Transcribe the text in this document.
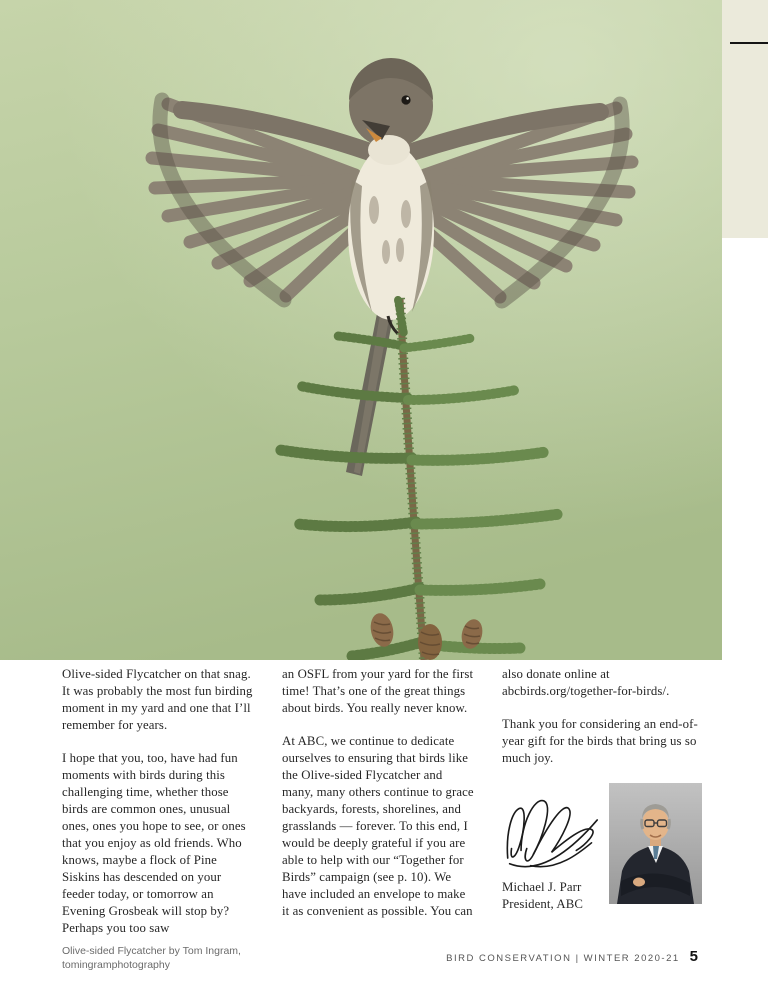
Olive-sided Flycatcher on that snag. It was probably the most fun birding moment in my yard and one that I’ll remember for years.

I hope that you, too, have had fun moments with birds during this challenging time, whether those birds are common ones, unusual ones, ones you hope to see, or ones that you enjoy as old friends. Who knows, maybe a flock of Pine Siskins has descended on your feeder today, or tomorrow an Evening Grosbeak will stop by? Perhaps you too saw

an OSFL from your yard for the first time! That’s one of the great things about birds. You really never know.

At ABC, we continue to dedicate ourselves to ensuring that birds like the Olive-sided Flycatcher and many, many others continue to grace backyards, forests, shorelines, and grasslands — forever. To this end, I would be deeply grateful if you are able to help with our “Together for Birds” campaign (see p. 10). We have included an envelope to make it as convenient as possible. You can

also donate online at abcbirds.org/together-for-birds/.

Thank you for considering an end-of-year gift for the birds that bring us so much joy.

Michael J. Parr
President, ABC
Olive-sided Flycatcher by Tom Ingram,
tomingramphotography
BIRD CONSERVATION | WINTER 2020-21 5
